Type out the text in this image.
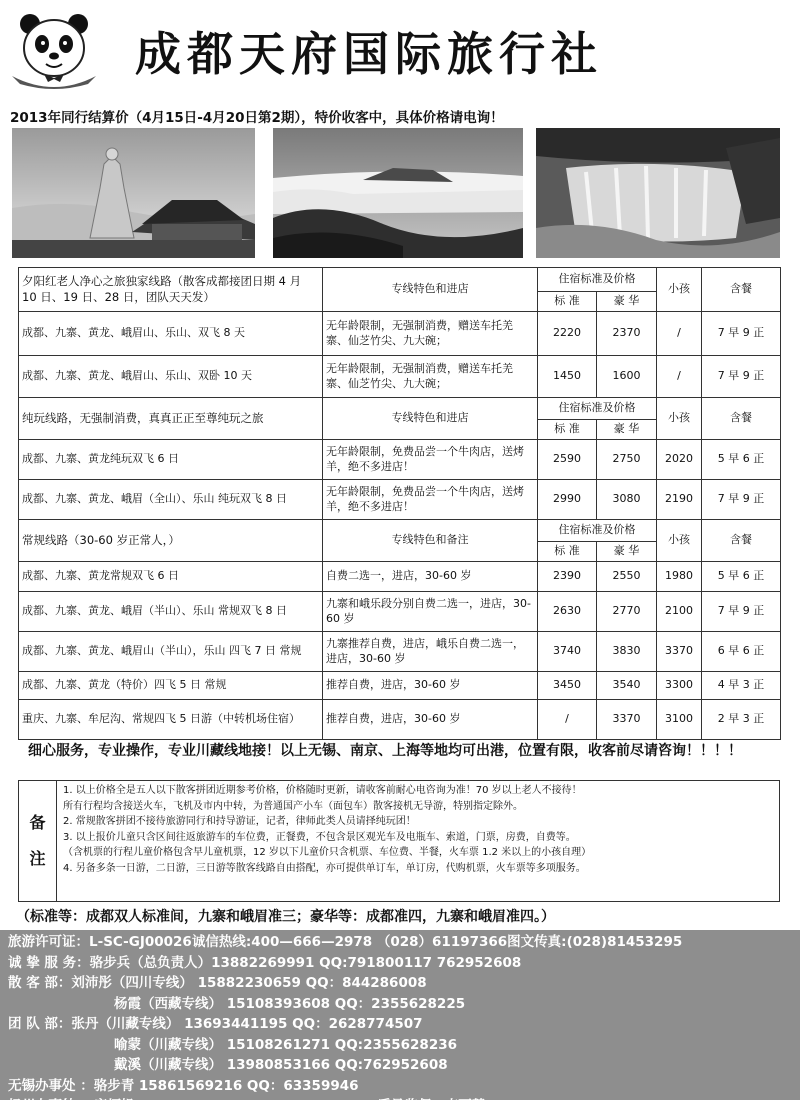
成都天府国际旅行社
2013年同行结算价（4月15日-4月20日第2期），特价收客中，具体价格请电询！
夕阳红老人净心之旅独家线路（散客成都接团日期 4 月 10 日、19 日、28 日，团队天天发）	专线特色和进店	住宿标准及价格		小孩	含餐
		标 准	豪 华		
成都、九寨、黄龙、峨眉山、乐山、双飞 8 天	无年龄限制，无强制消费，赠送车托羌寨、仙芝竹尖、九大碗；	2220	2370	/	7 早 9 正
成都、九寨、黄龙、峨眉山、乐山、双卧 10 天	无年龄限制，无强制消费，赠送车托羌寨、仙芝竹尖、九大碗；	1450	1600	/	7 早 9 正
纯玩线路，无强制消费，真真正正至尊纯玩之旅	专线特色和进店	住宿标准及价格		小孩	含餐
		标 准	豪 华		
成都、九寨、黄龙纯玩双飞 6 日	无年龄限制，免费品尝一个牛肉店，送烤羊，绝不多进店！	2590	2750	2020	5 早 6 正
成都、九寨、黄龙、峨眉（全山）、乐山 纯玩双飞 8 日	无年龄限制，免费品尝一个牛肉店，送烤羊，绝不多进店！	2990	3080	2190	7 早 9 正
常规线路（30-60 岁正常人，）	专线特色和备注	住宿标准及价格		小孩	含餐
		标 准	豪 华		
成都、九寨、黄龙常规双飞 6 日	自费二选一，进店，30-60 岁	2390	2550	1980	5 早 6 正
成都、九寨、黄龙、峨眉（半山）、乐山 常规双飞 8 日	九寨和峨乐段分别自费二选一，进店，30-60 岁	2630	2770	2100	7 早 9 正
成都、九寨、黄龙、峨眉山（半山），乐山 四飞 7 日 常规	九寨推荐自费，进店，峨乐自费二选一，进店，30-60 岁	3740	3830	3370	6 早 6 正
成都、九寨、黄龙（特价）四飞 5 日 常规	推荐自费，进店，30-60 岁	3450	3540	3300	4 早 3 正
重庆、九寨、牟尼沟、常规四飞 5 日游（中转机场住宿）	推荐自费，进店，30-60 岁	/	3370	3100	2 早 3 正
细心服务，专业操作，专业川藏线地接！以上无锡、南京、上海等地均可出港，位置有限，收客前尽请咨询！！！！
备
注
1. 以上价格全是五人以下散客拼团近期参考价格，价格随时更新，请收客前耐心电咨询为准！70 岁以上老人不接待！
所有行程均含接送火车，飞机及市内中转，为普通国产小车（面包车）散客接机无导游，特别指定除外。
2. 常规散客拼团不接待旅游同行和持导游证，记者，律师此类人员请择纯玩团！
3. 以上报价儿童只含区间往返旅游车的车位费，正餐费，不包含景区观光车及电瓶车、索道，门票，房费，自费等。
（含机票的行程儿童价格包含早儿童机票，12 岁以下儿童价只含机票、车位费、半餐，火车票 1.2 米以上的小孩自理）
4. 另备多条一日游，二日游，三日游等散客线路自由搭配，亦可提供单订车，单订房，代购机票，火车票等多项服务。
（标准等：成都双人标准间，九寨和峨眉准三；豪华等：成都准四，九寨和峨眉准四。）
旅游许可证：L-SC-GJ00026诚信热线:400—666—2978 （028）61197366图文传真:(028)81453295
诚 挚 服 务：骆步兵（总负责人）13882269991 QQ:791800117 762952608
散 客 部：刘沛彤（四川专线） 15882230659 QQ：844286008
杨霞（西藏专线） 15108393608 QQ：2355628225
团 队 部：张丹（川藏专线） 13693441195 QQ：2628774507
喻蒙（川藏专线） 15108261271 QQ:2355628236
戴溪（川藏专线） 13980853166 QQ:762952608
无锡办事处 ：骆步青 15861569216 QQ：63359946
扬州办事处 ：唐炳帆18621641968 QQ：2238211769 质量监督：李丽慧18981717726
